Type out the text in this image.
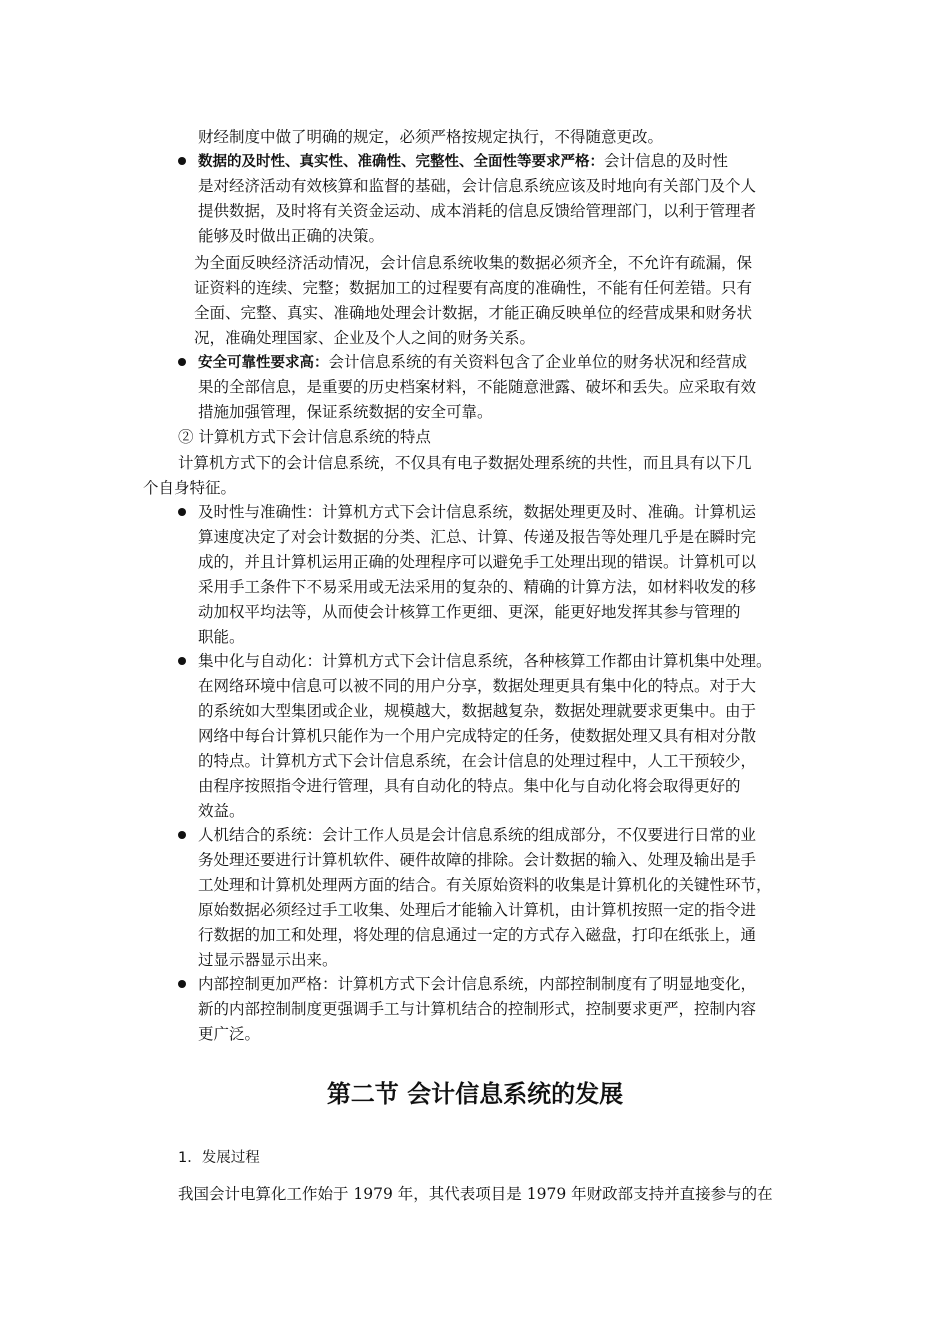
财经制度中做了明确的规定，必须严格按规定执行，不得随意更改。
数据的及时性、真实性、准确性、完整性、全面性等要求严格：会计信息的及时性
是对经济活动有效核算和监督的基础，会计信息系统应该及时地向有关部门及个人
提供数据，及时将有关资金运动、成本消耗的信息反馈给管理部门，以利于管理者
能够及时做出正确的决策。
为全面反映经济活动情况，会计信息系统收集的数据必须齐全，不允许有疏漏，保
证资料的连续、完整；数据加工的过程要有高度的准确性，不能有任何差错。只有
全面、完整、真实、准确地处理会计数据，才能正确反映单位的经营成果和财务状
况，准确处理国家、企业及个人之间的财务关系。
安全可靠性要求高：会计信息系统的有关资料包含了企业单位的财务状况和经营成
果的全部信息，是重要的历史档案材料，不能随意泄露、破坏和丢失。应采取有效
措施加强管理，保证系统数据的安全可靠。
② 计算机方式下会计信息系统的特点
计算机方式下的会计信息系统，不仅具有电子数据处理系统的共性，而且具有以下几
个自身特征。
及时性与准确性：计算机方式下会计信息系统，数据处理更及时、准确。计算机运
算速度决定了对会计数据的分类、汇总、计算、传递及报告等处理几乎是在瞬时完
成的，并且计算机运用正确的处理程序可以避免手工处理出现的错误。计算机可以
采用手工条件下不易采用或无法采用的复杂的、精确的计算方法，如材料收发的移
动加权平均法等，从而使会计核算工作更细、更深，能更好地发挥其参与管理的
职能。
集中化与自动化：计算机方式下会计信息系统，各种核算工作都由计算机集中处理。
在网络环境中信息可以被不同的用户分享，数据处理更具有集中化的特点。对于大
的系统如大型集团或企业，规模越大，数据越复杂，数据处理就要求更集中。由于
网络中每台计算机只能作为一个用户完成特定的任务，使数据处理又具有相对分散
的特点。计算机方式下会计信息系统，在会计信息的处理过程中，人工干预较少，
由程序按照指令进行管理，具有自动化的特点。集中化与自动化将会取得更好的
效益。
人机结合的系统：会计工作人员是会计信息系统的组成部分，不仅要进行日常的业
务处理还要进行计算机软件、硬件故障的排除。会计数据的输入、处理及输出是手
工处理和计算机处理两方面的结合。有关原始资料的收集是计算机化的关键性环节，
原始数据必须经过手工收集、处理后才能输入计算机，由计算机按照一定的指令进
行数据的加工和处理，将处理的信息通过一定的方式存入磁盘，打印在纸张上，通
过显示器显示出来。
内部控制更加严格：计算机方式下会计信息系统，内部控制制度有了明显地变化，
新的内部控制制度更强调手工与计算机结合的控制形式，控制要求更严，控制内容
更广泛。
第二节 会计信息系统的发展
1．发展过程
我国会计电算化工作始于 1979 年，其代表项目是 1979 年财政部支持并直接参与的在
